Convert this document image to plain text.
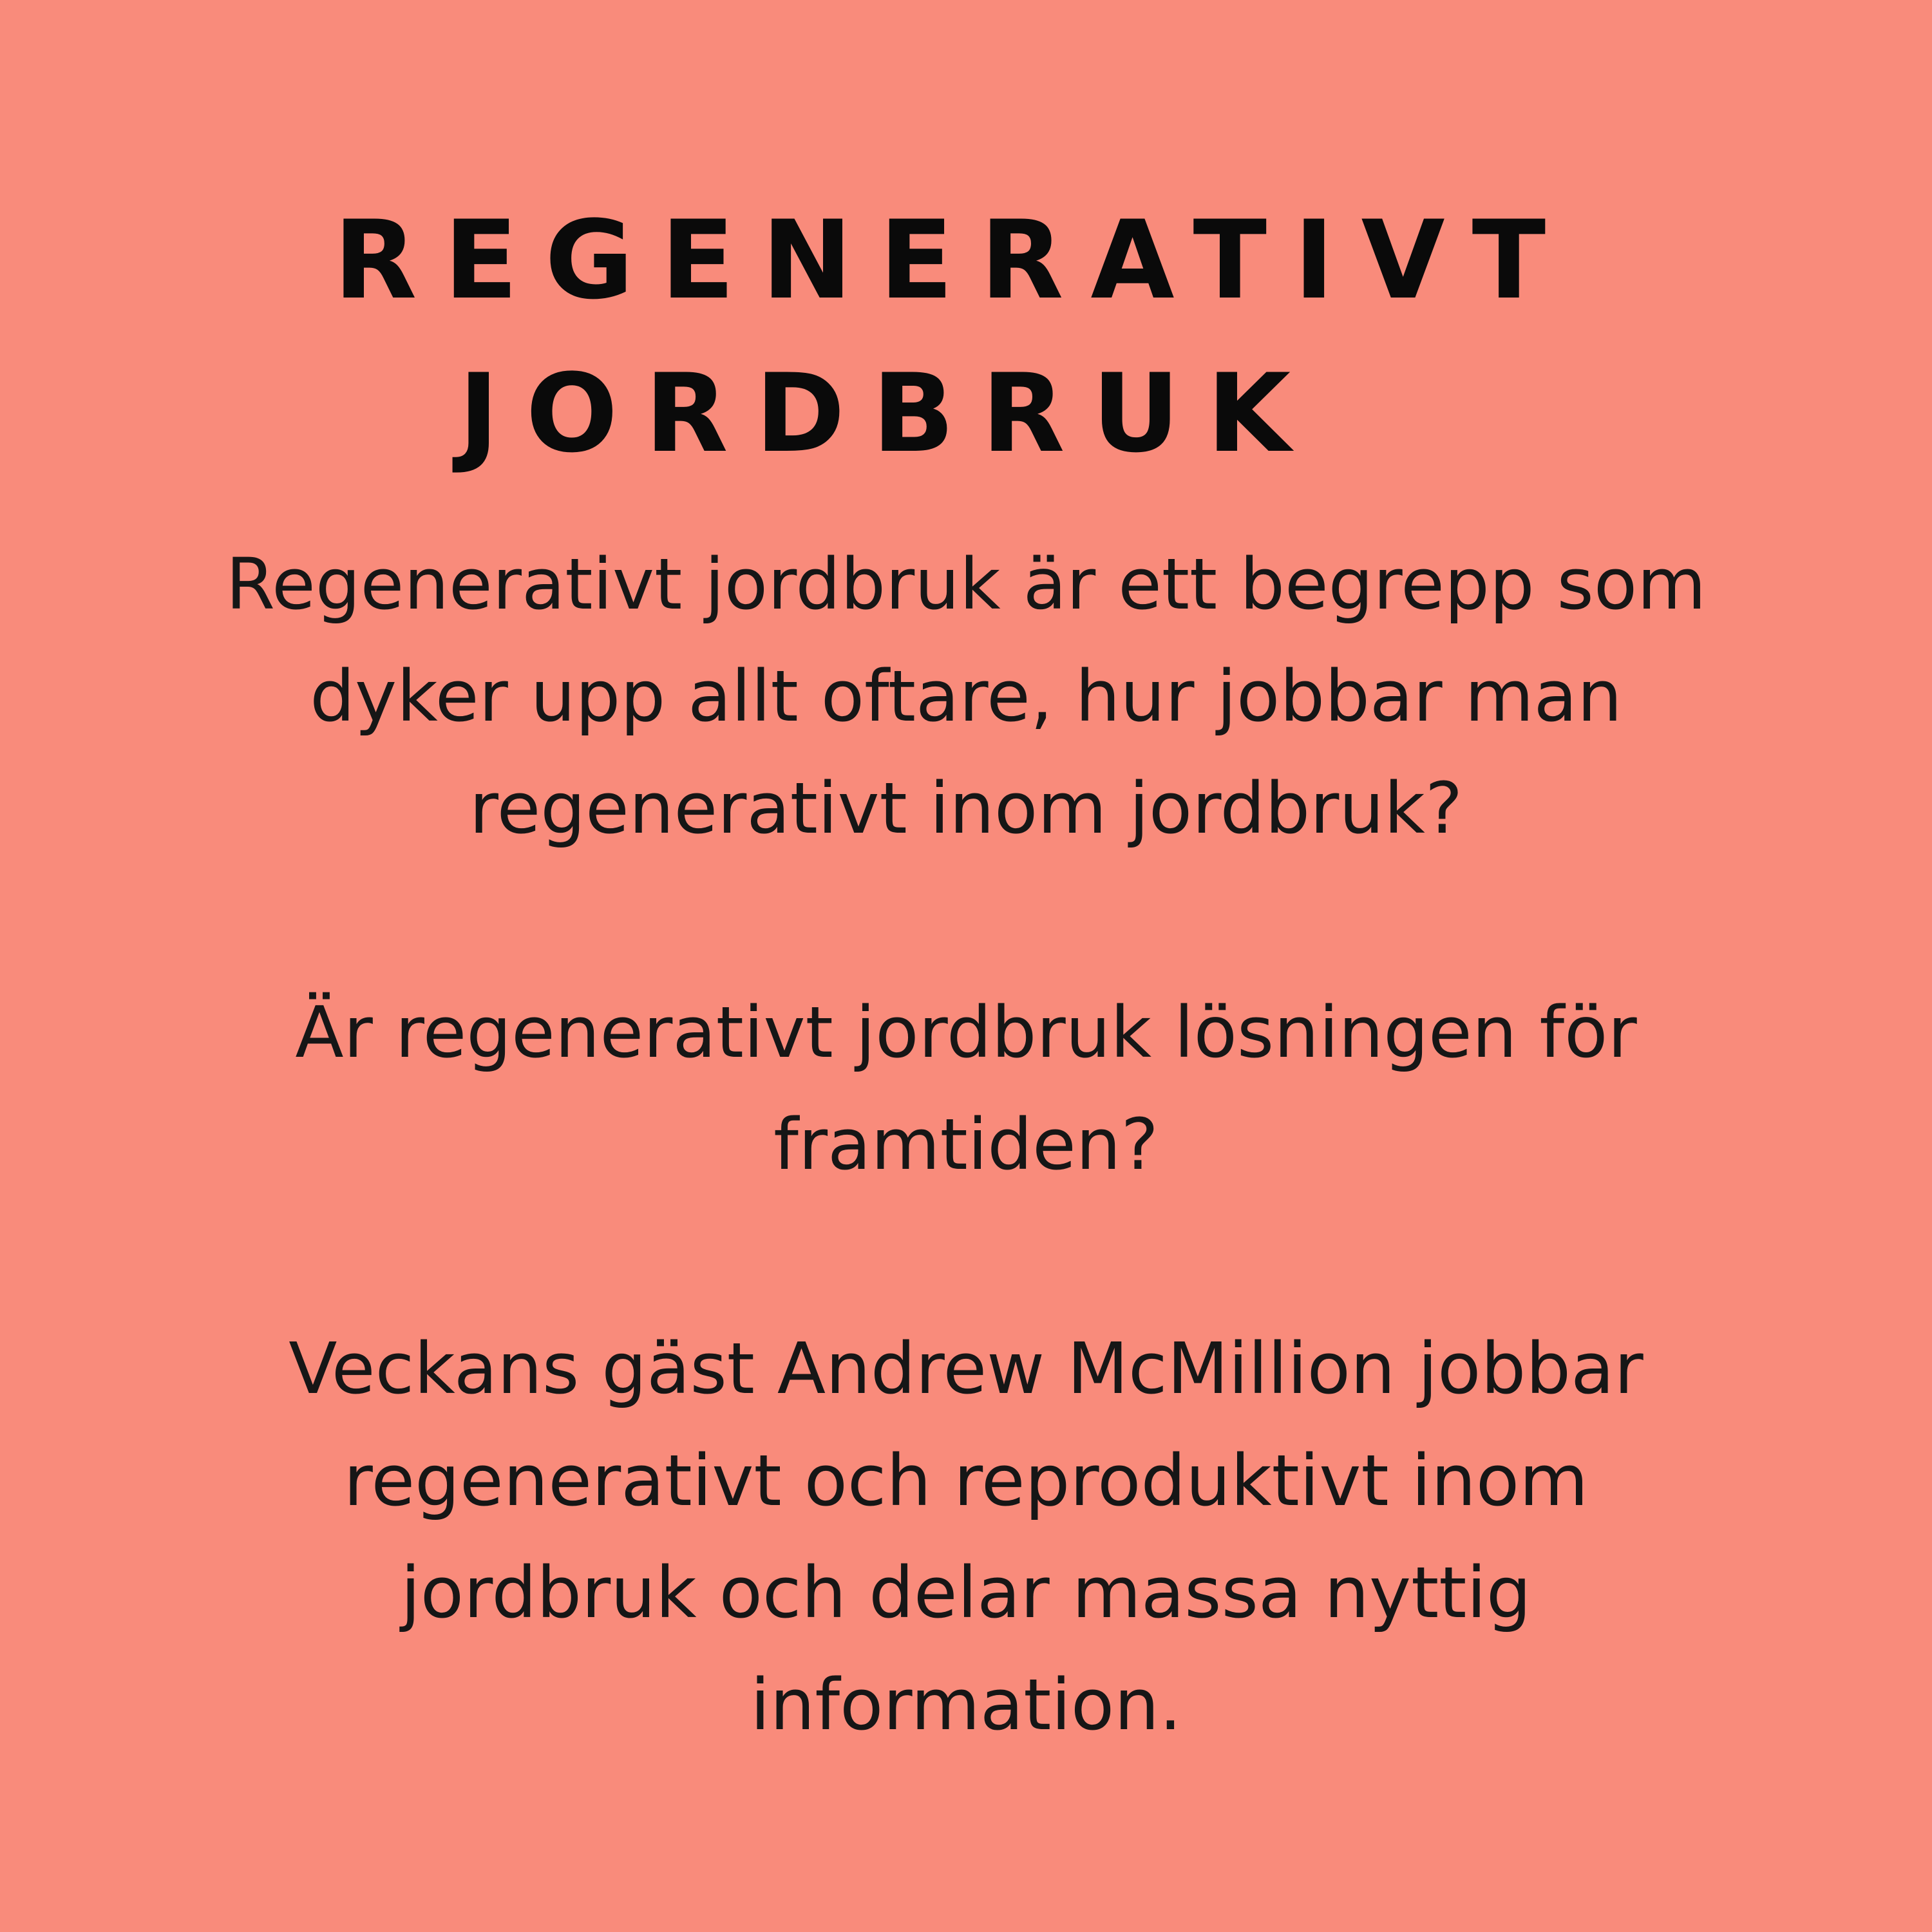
REGENERATIVT
JORDBRUK

Regenerativt jordbruk är ett begrepp som
dyker upp allt oftare, hur jobbar man
regenerativt inom jordbruk?

Är regenerativt jordbruk lösningen för
framtiden?

Veckans gäst Andrew McMillion jobbar
regenerativt och reproduktivt inom
jordbruk och delar massa nyttig
information.
